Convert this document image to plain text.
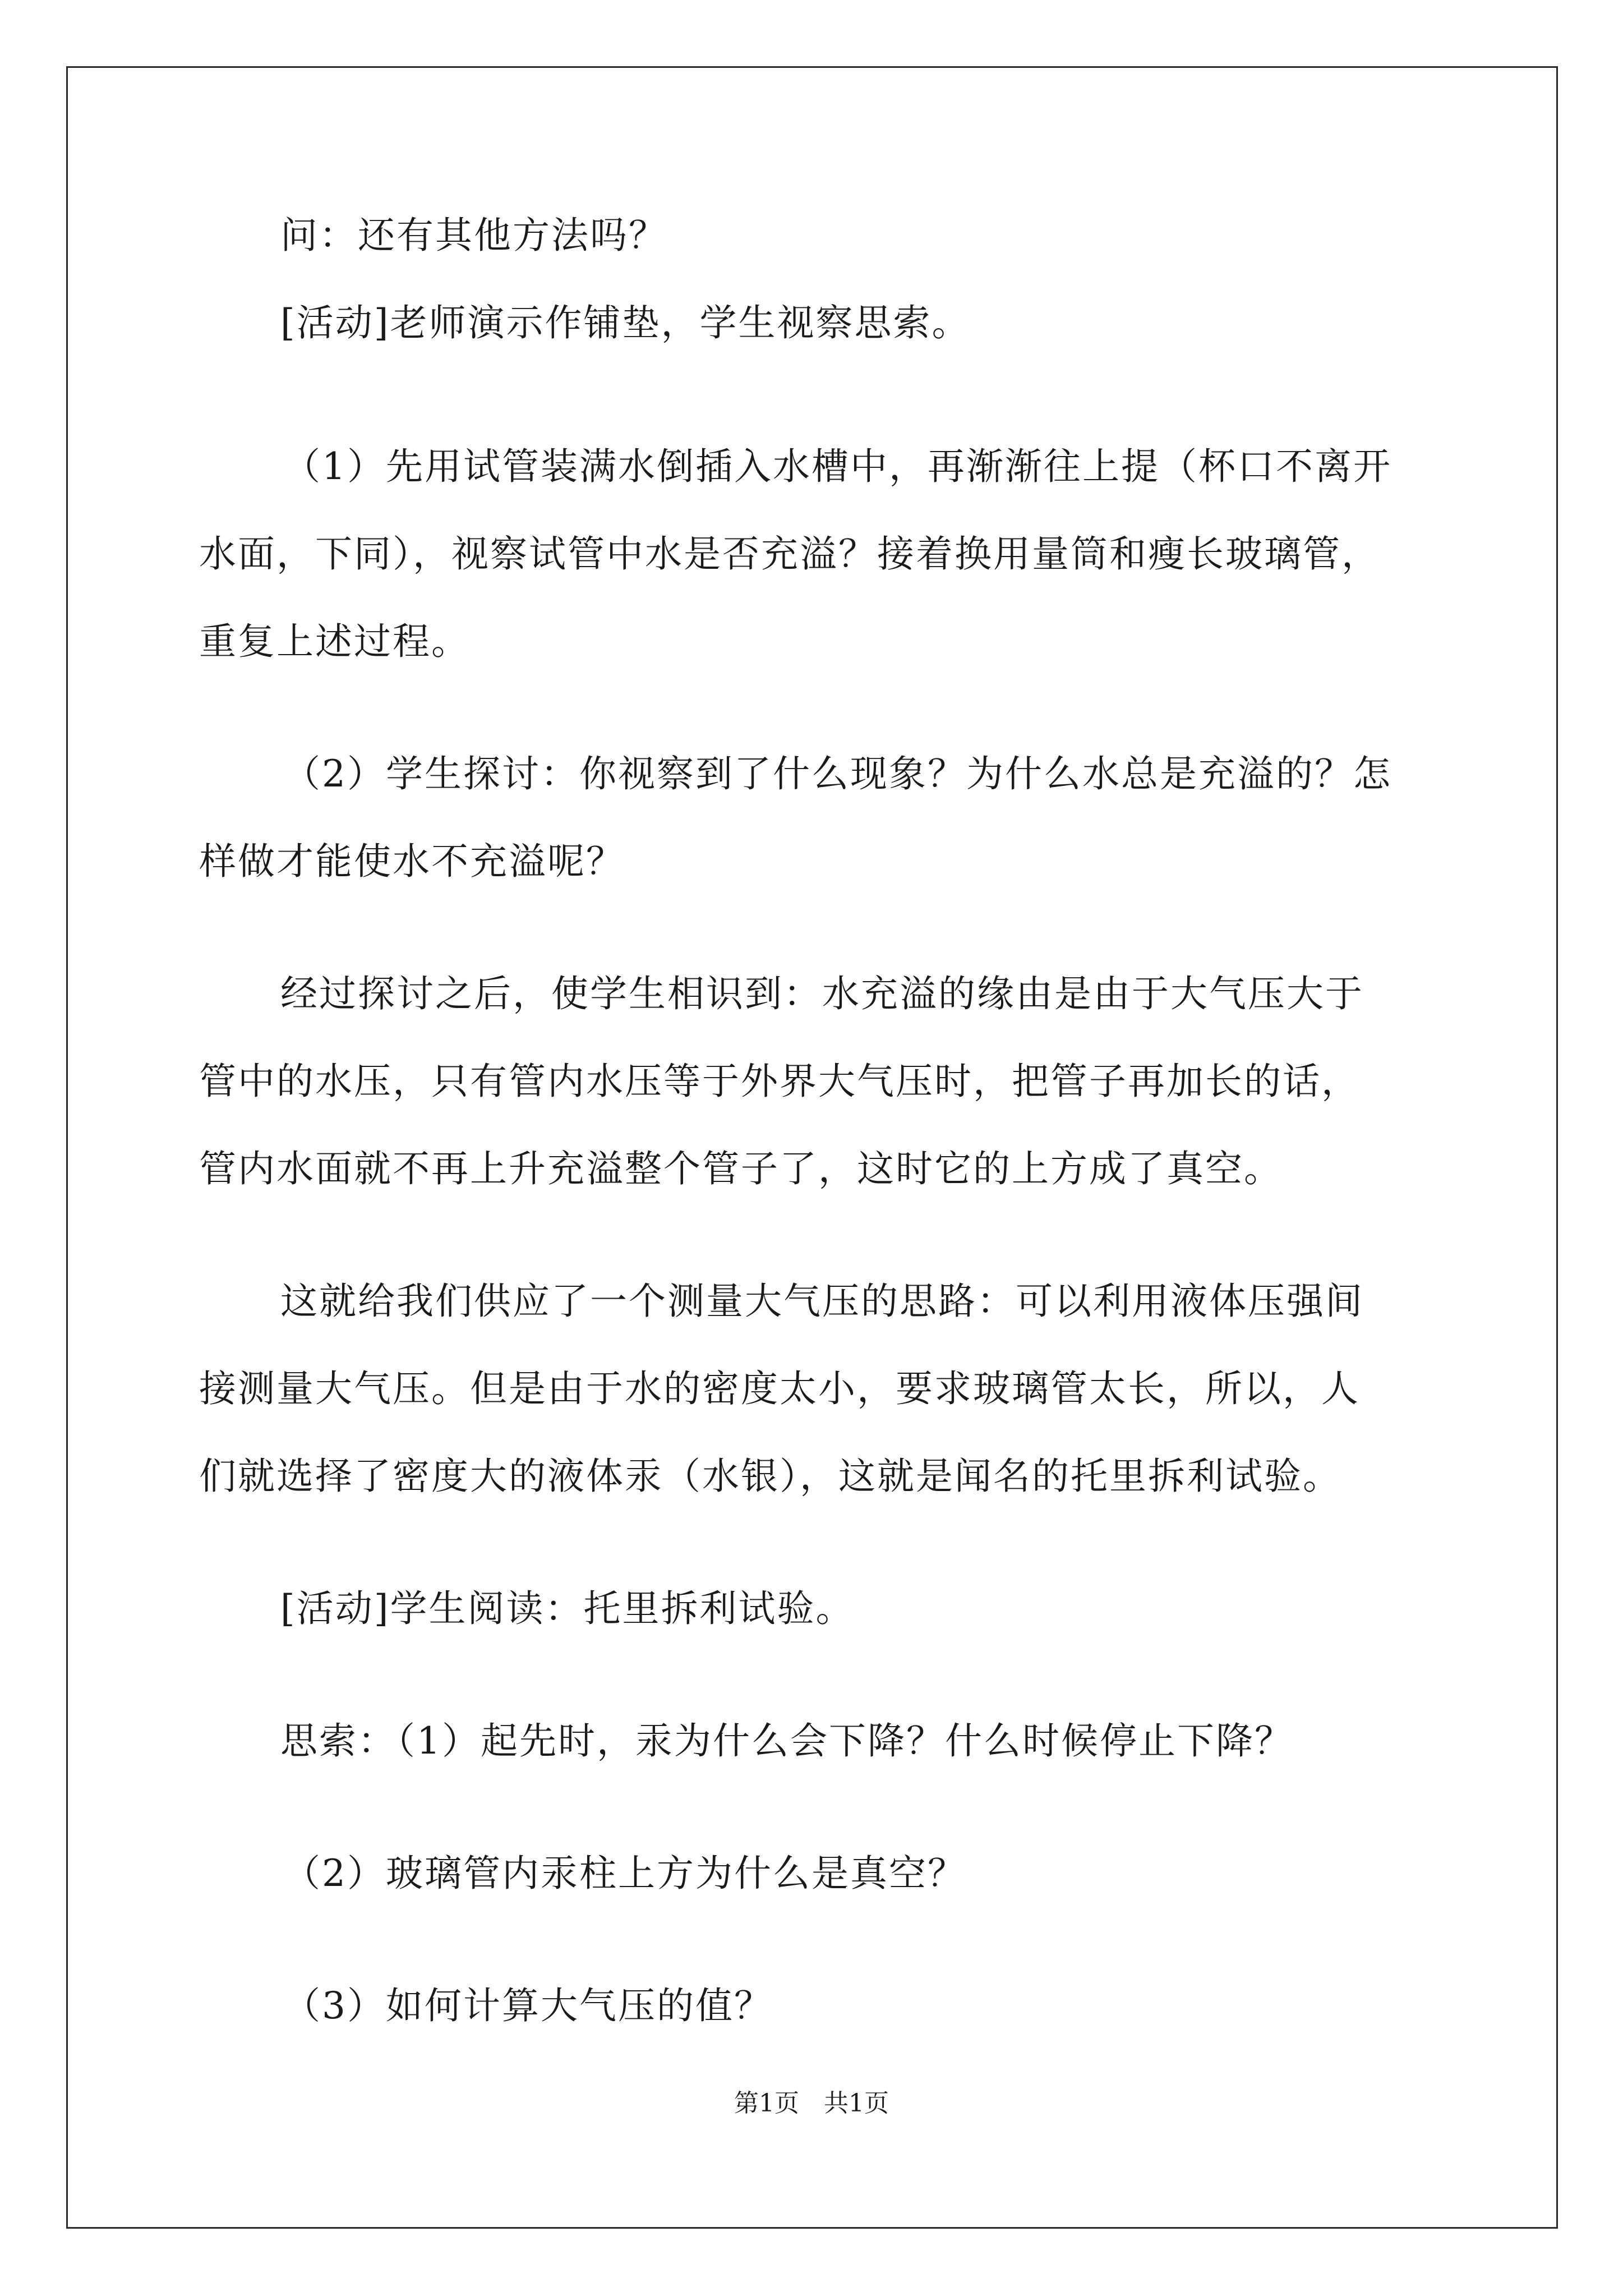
问：还有其他方法吗？
[活动]老师演示作铺垫，学生视察思索。
（1）先用试管装满水倒插入水槽中，再渐渐往上提（杯口不离开
水面，下同），视察试管中水是否充溢？接着换用量筒和瘦长玻璃管，
重复上述过程。
（2）学生探讨：你视察到了什么现象？为什么水总是充溢的？怎
样做才能使水不充溢呢？
经过探讨之后，使学生相识到：水充溢的缘由是由于大气压大于
管中的水压，只有管内水压等于外界大气压时，把管子再加长的话，
管内水面就不再上升充溢整个管子了，这时它的上方成了真空。
这就给我们供应了一个测量大气压的思路：可以利用液体压强间
接测量大气压。但是由于水的密度太小，要求玻璃管太长，所以，人
们就选择了密度大的液体汞（水银），这就是闻名的托里拆利试验。
[活动]学生阅读：托里拆利试验。
思索：（1）起先时，汞为什么会下降？什么时候停止下降？
（2）玻璃管内汞柱上方为什么是真空？
（3）如何计算大气压的值？
第1页　共1页
